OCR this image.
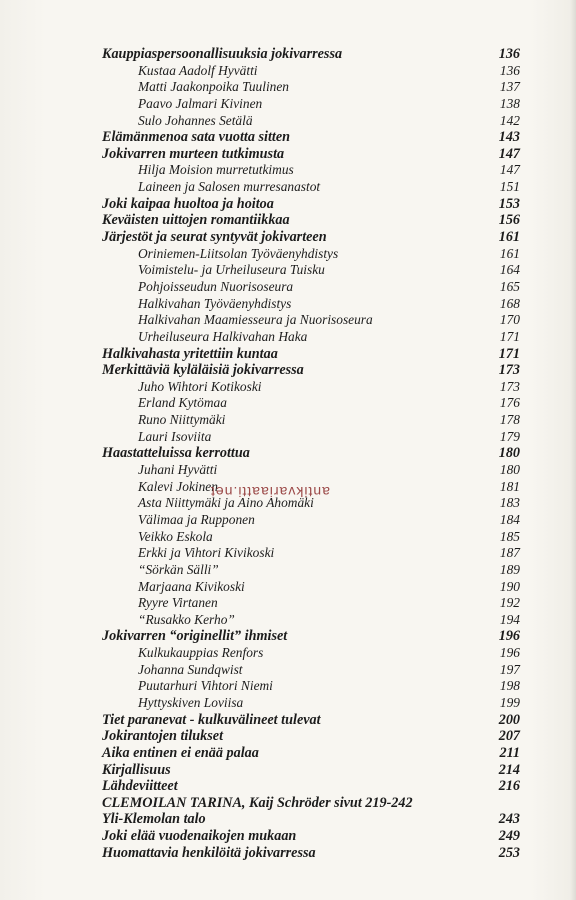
Kauppiaspersoonallisuuksia jokivarressa	136
Kustaa Aadolf Hyvätti	136
Matti Jaakonpoika Tuulinen	137
Paavo Jalmari Kivinen	138
Sulo Johannes Setälä	142
Elämänmenoa sata vuotta sitten	143
Jokivarren murteen tutkimusta	147
Hilja Moision murretutkimus	147
Laineen ja Salosen murresanastot	151
Joki kaipaa huoltoa ja hoitoa	153
Keväisten uittojen romantiikkaa	156
Järjestöt ja seurat syntyvät jokivarteen	161
Oriniemen-Liitsolan Työväenyhdistys	161
Voimistelu- ja Urheiluseura Tuisku	164
Pohjoisseudun Nuorisoseura	165
Halkivahan Työväenyhdistys	168
Halkivahan Maamiesseura ja Nuorisoseura	170
Urheiluseura Halkivahan Haka	171
Halkivahasta yritettiin kuntaa	171
Merkittäviä kyläläisiä jokivarressa	173
Juho Wihtori Kotikoski	173
Erland Kytömaa	176
Runo Niittymäki	178
Lauri Isoviita	179
Haastatteluissa kerrottua	180
Juhani Hyvätti	180
Kalevi Jokinen	181
Asta Niittymäki ja Aino Ahomäki	183
Välimaa ja Rupponen	184
Veikko Eskola	185
Erkki ja Vihtori Kivikoski	187
“Sörkän Sälli”	189
Marjaana Kivikoski	190
Ryyre Virtanen	192
“Rusakko Kerho”	194
Jokivarren “originellit” ihmiset	196
Kulkukauppias Renfors	196
Johanna Sundqwist	197
Puutarhuri Vihtori Niemi	198
Hyttyskiven Loviisa	199
Tiet paranevat - kulkuvälineet tulevat	200
Jokirantojen tilukset	207
Aika entinen ei enää palaa	211
Kirjallisuus	214
Lähdeviitteet	216
CLEMOILAN TARINA, Kaij Schröder sivut 219-242
Yli-Klemolan talo	243
Joki elää vuodenaikojen mukaan	249
Huomattavia henkilöitä jokivarressa	253
antikvariaatti.net
